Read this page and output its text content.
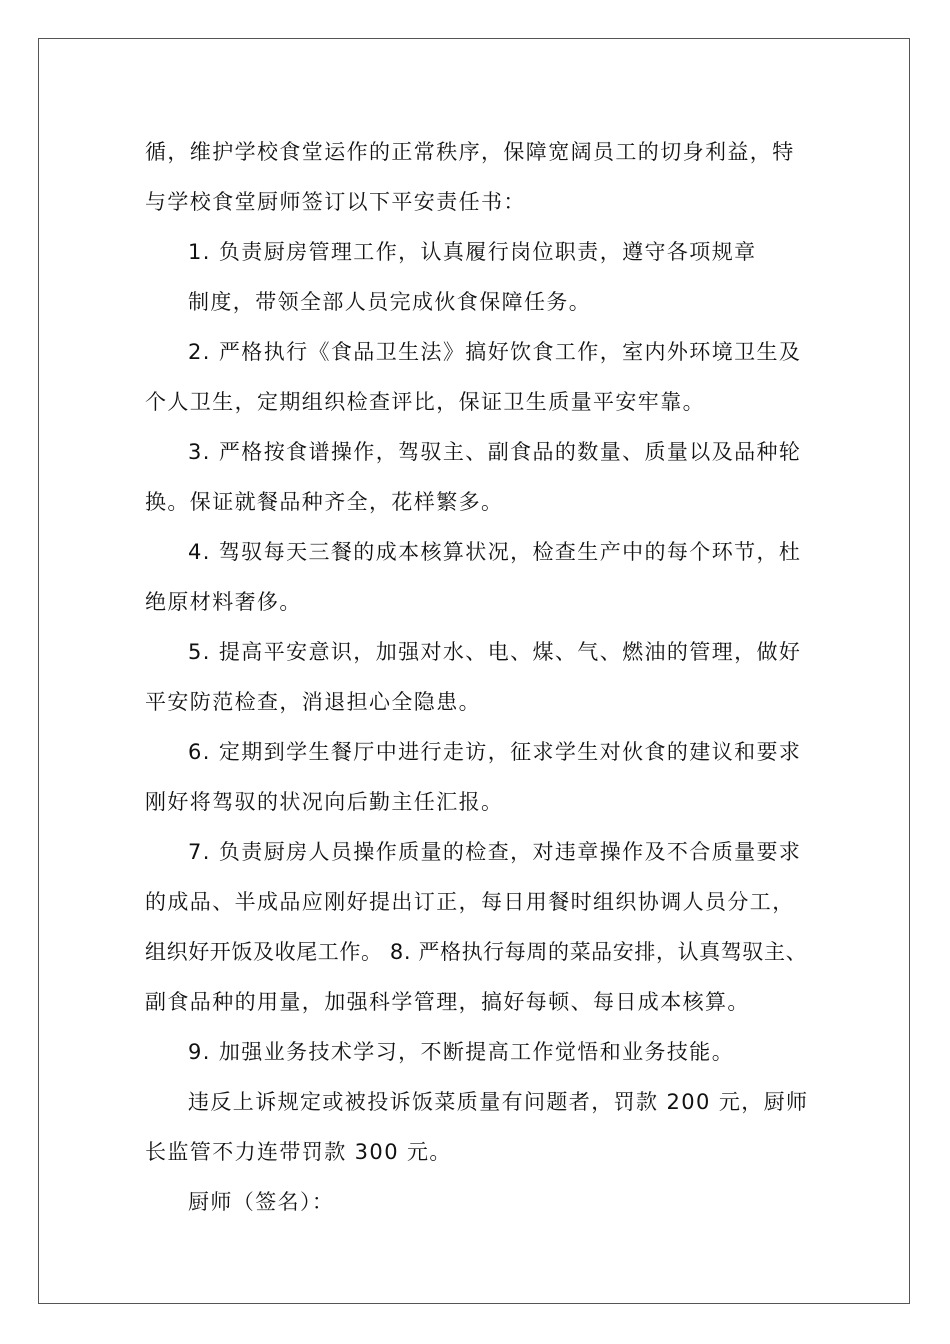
循，维护学校食堂运作的正常秩序，保障宽阔员工的切身利益，特
与学校食堂厨师签订以下平安责任书：
1. 负责厨房管理工作，认真履行岗位职责，遵守各项规章
制度，带领全部人员完成伙食保障任务。
2. 严格执行《食品卫生法》搞好饮食工作，室内外环境卫生及
个人卫生，定期组织检查评比，保证卫生质量平安牢靠。
3. 严格按食谱操作，驾驭主、副食品的数量、质量以及品种轮
换。保证就餐品种齐全，花样繁多。
4. 驾驭每天三餐的成本核算状况，检查生产中的每个环节，杜
绝原材料奢侈。
5. 提高平安意识，加强对水、电、煤、气、燃油的管理，做好
平安防范检查，消退担心全隐患。
6. 定期到学生餐厅中进行走访，征求学生对伙食的建议和要求
刚好将驾驭的状况向后勤主任汇报。
7. 负责厨房人员操作质量的检查，对违章操作及不合质量要求
的成品、半成品应刚好提出订正，每日用餐时组织协调人员分工，
组织好开饭及收尾工作。 8. 严格执行每周的菜品安排，认真驾驭主、
副食品种的用量，加强科学管理，搞好每顿、每日成本核算。
9. 加强业务技术学习，不断提高工作觉悟和业务技能。
违反上诉规定或被投诉饭菜质量有问题者，罚款 200 元，厨师
长监管不力连带罚款 300 元。
厨师（签名）：
